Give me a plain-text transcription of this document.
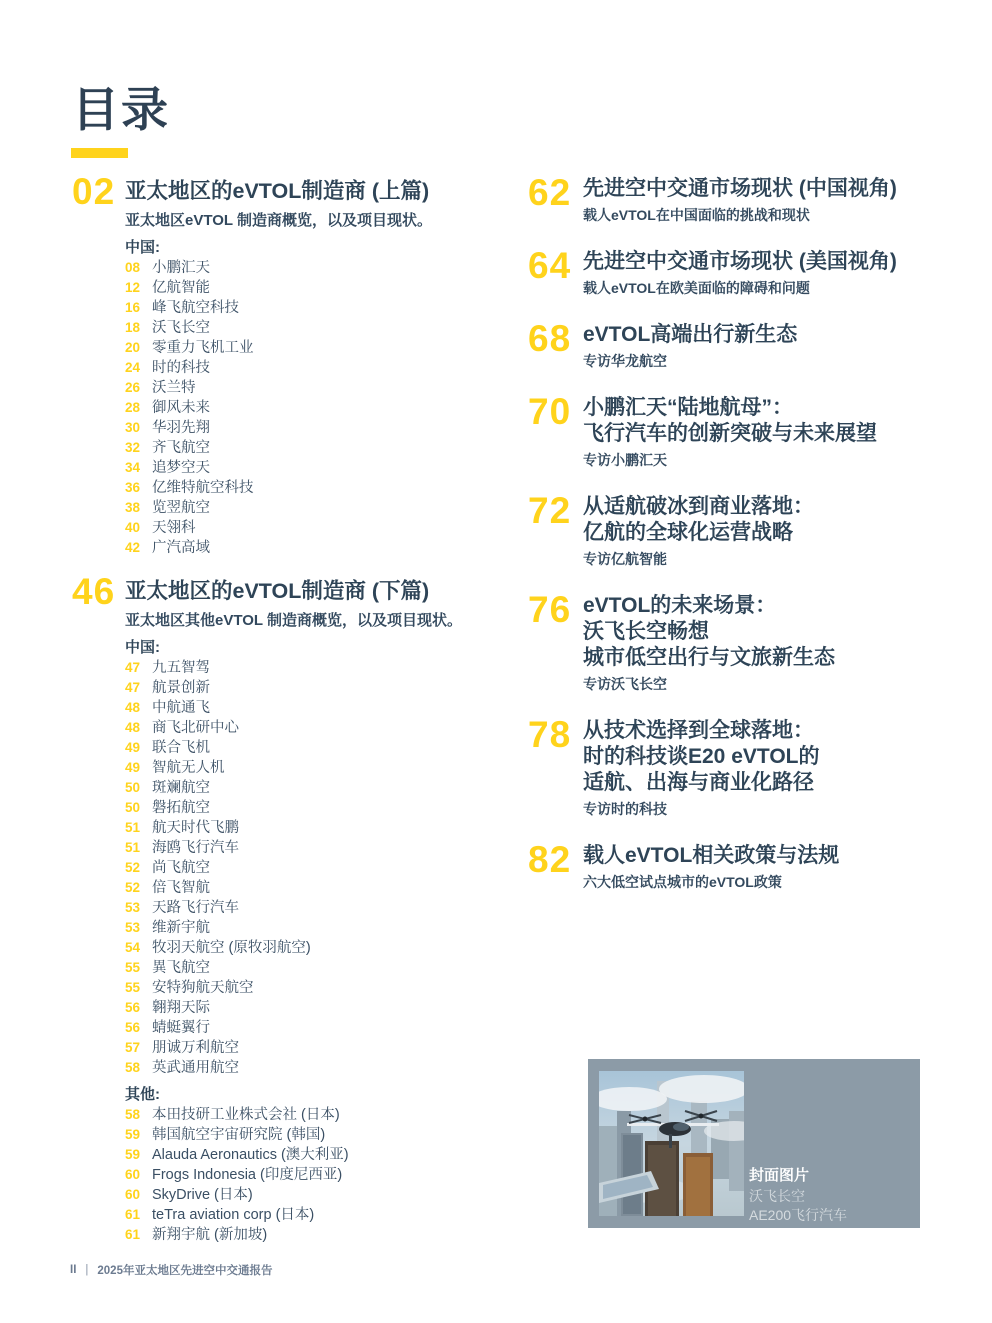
目录
02 亚太地区的eVTOL制造商 (上篇)

亚太地区eVTOL 制造商概览，以及项目现状。

中国:

08 小鹏汇天
12 亿航智能
16 峰飞航空科技
18 沃飞长空
20 零重力飞机工业
24 时的科技
26 沃兰特
28 御风未来
30 华羽先翔
32 齐飞航空
34 追梦空天
36 亿维特航空科技
38 览翌航空
40 天翎科
42 广汽高域
46 亚太地区的eVTOL制造商 (下篇)

亚太地区其他eVTOL 制造商概览，以及项目现状。

中国:

47 九五智驾
47 航景创新
48 中航通飞
48 商飞北研中心
49 联合飞机
49 智航无人机
50 斑斓航空
50 磐拓航空
51 航天时代飞鹏
51 海鸥飞行汽车
52 尚飞航空
52 倍飞智航
53 天路飞行汽车
53 维新宇航
54 牧羽天航空 (原牧羽航空)
55 異飞航空
55 安特狗航天航空
56 翱翔天际
56 蜻蜓翼行
57 朋诚万利航空
58 英武通用航空

其他:

58 本田技研工业株式会社 (日本)
59 韩国航空宇宙研究院 (韩国)
59 Alauda Aeronautics (澳大利亚)
60 Frogs Indonesia (印度尼西亚)
60 SkyDrive (日本)
61 teTra aviation corp (日本)
61 新翔宇航 (新加坡)
62 先进空中交通市场现状 (中国视角)

载人eVTOL在中国面临的挑战和现状

64 先进空中交通市场现状 (美国视角)

载人eVTOL在欧美面临的障碍和问题

68 eVTOL高端出行新生态

专访华龙航空

70 小鹏汇天“陆地航母”：
飞行汽车的创新突破与未来展望

专访小鹏汇天

72 从适航破冰到商业落地：
亿航的全球化运营战略

专访亿航智能

76 eVTOL的未来场景：
沃飞长空畅想
城市低空出行与文旅新生态

专访沃飞长空

78 从技术选择到全球落地：
时的科技谈E20 eVTOL的
适航、出海与商业化路径

专访时的科技

82 载人eVTOL相关政策与法规

六大低空试点城市的eVTOL政策

封面图片
沃飞长空
AE200飞行汽车
II | 2025年亚太地区先进空中交通报告
